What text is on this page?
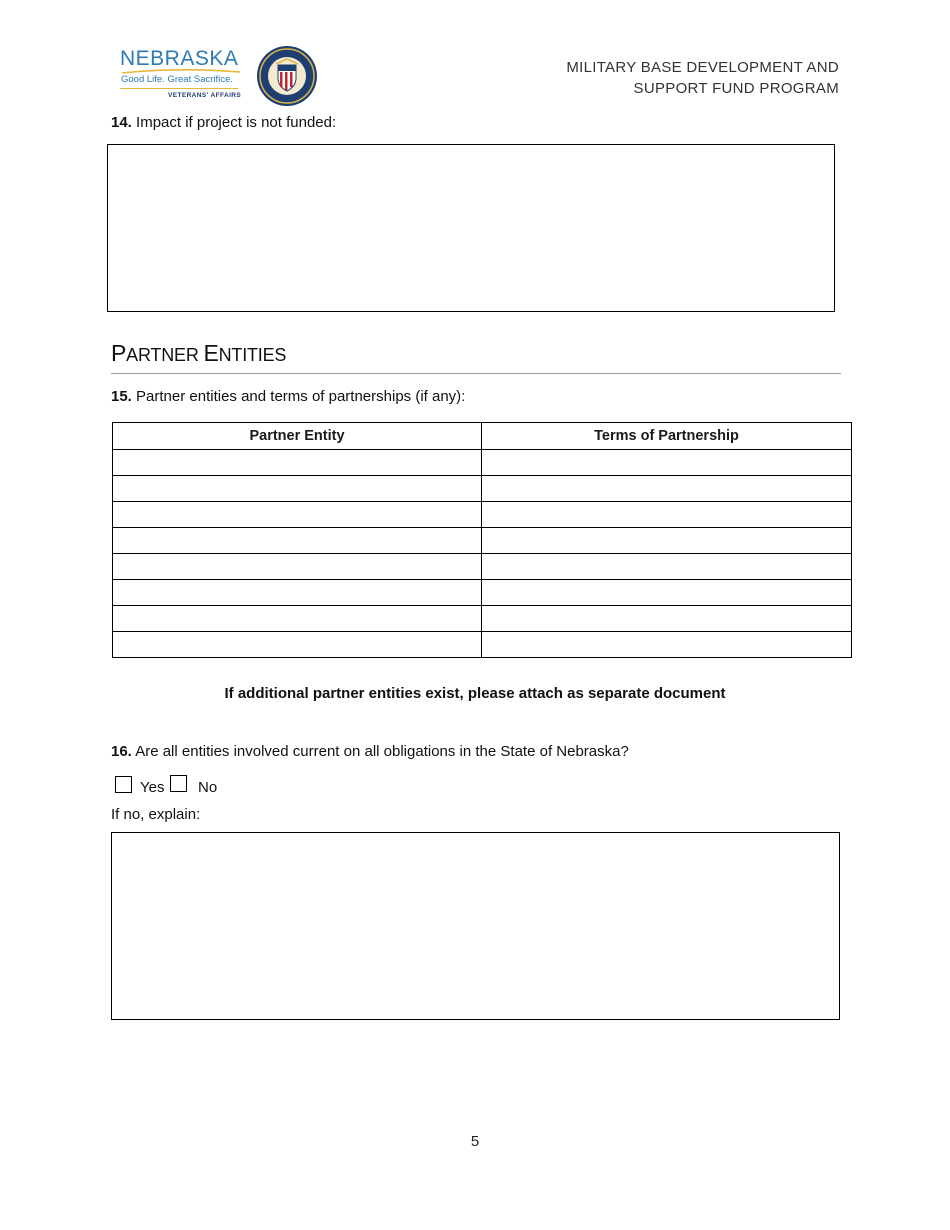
NEBRASKA
Good Life. Great Sacrifice.
VETERANS' AFFAIRS
MILITARY BASE DEVELOPMENT AND
SUPPORT FUND PROGRAM
14. Impact if project is not funded:
PARTNER ENTITIES
15. Partner entities and terms of partnerships (if any):
Partner Entity	Terms of Partnership

If additional partner entities exist, please attach as separate document
16. Are all entities involved current on all obligations in the State of Nebraska?
Yes No
If no, explain:
5
